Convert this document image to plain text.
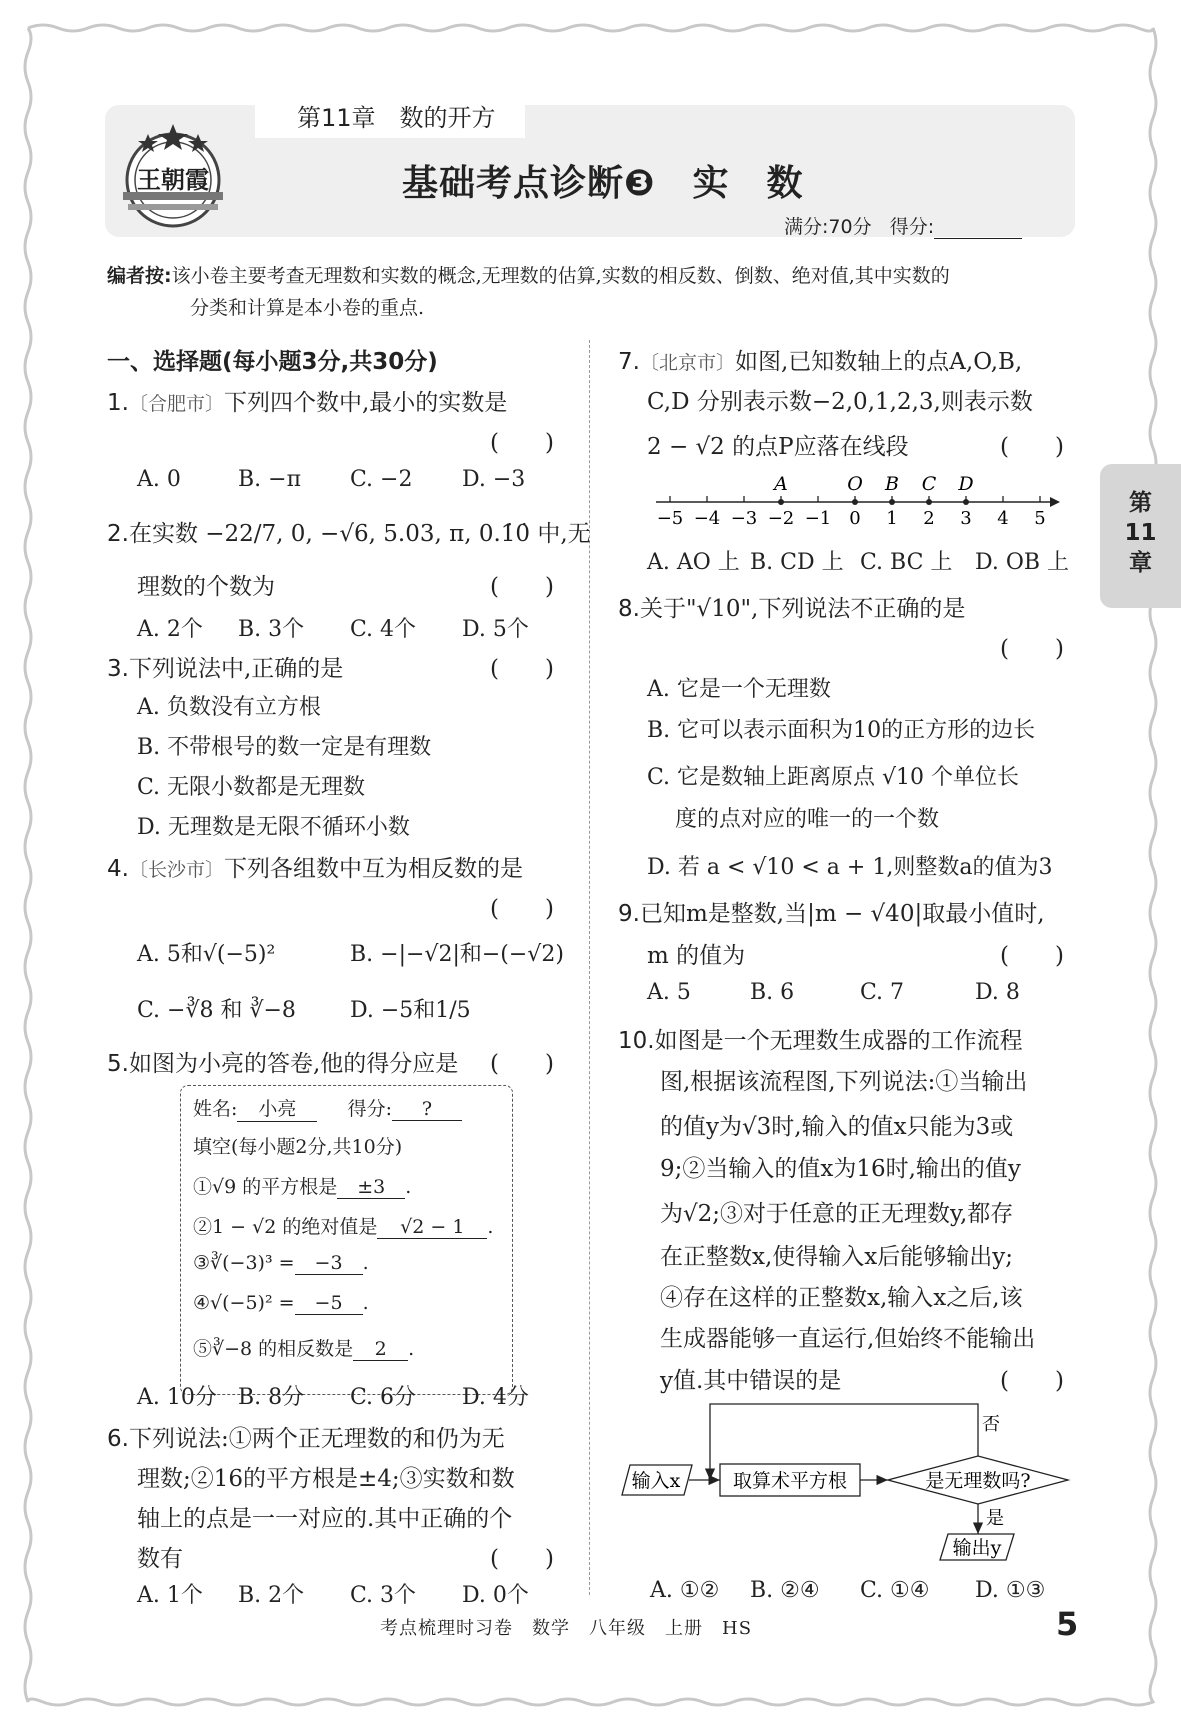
第11章　数的开方
王朝霞	基础考点诊断❸　实　数
满分:70分 得分:
编者按:该小卷主要考查无理数和实数的概念,无理数的估算,实数的相反数、倒数、绝对值,其中实数的
分类和计算是本小卷的重点.
第
11
章
一、选择题(每小题3分,共30分)
1.〔合肥市〕下列四个数中,最小的实数是
(　　)
A. 0	B. −π C. −2 D. −3
2.在实数 −22/7, 0, −√6, 5.03, π, 0.1̇0̇ 中,无
理数的个数为	(　　)
A. 2个 B. 3个 C. 4个 D. 5个
3.下列说法中,正确的是	(　　)
A. 负数没有立方根
B. 不带根号的数一定是有理数
C. 无限小数都是无理数
D. 无理数是无限不循环小数
4.〔长沙市〕下列各组数中互为相反数的是
(　　)
A. 5和√(−5)²	B. −|−√2|和−(−√2)
C. −∛8 和 ∛−8 D. −5和1/5
5.如图为小亮的答卷,他的得分应是 (　　)
姓名: 小亮	得分: ?
填空(每小题2分,共10分)
①√9 的平方根是 ±3 .
②1 − √2 的绝对值是 √2 − 1 .
③∛(−3)³ = −3 .
④√(−5)² = −5 .
⑤∛−8 的相反数是 2 .
A. 10分 B. 8分 C. 6分 D. 4分
6.下列说法:①两个正无理数的和仍为无
理数;②16的平方根是±4;③实数和数
轴上的点是一一对应的.其中正确的个
数有	(　　)
A. 1个 B. 2个 C. 3个 D. 0个
7.〔北京市〕如图,已知数轴上的点A,O,B,
C,D 分别表示数−2,0,1,2,3,则表示数
2 − √2 的点P应落在线段	(　　)
−5 −4 −3 −2 −1 0 1 2 3 4 5
A	O B C D
A. AO 上 B. CD 上 C. BC 上 D. OB 上
8.关于"√10",下列说法不正确的是
(　　)
A. 它是一个无理数
B. 它可以表示面积为10的正方形的边长
C. 它是数轴上距离原点 √10 个单位长
度的点对应的唯一的一个数
D. 若 a < √10 < a + 1,则整数a的值为3
9.已知m是整数,当|m − √40|取最小值时,
m 的值为	(　　)
A. 5	B. 6	C. 7	D. 8
10.如图是一个无理数生成器的工作流程
图,根据该流程图,下列说法:①当输出
的值y为√3时,输入的值x只能为3或
9;②当输入的值x为16时,输出的值y
为√2;③对于任意的正无理数y,都存
在正整数x,使得输入x后能够输出y;
④存在这样的正整数x,输入x之后,该
生成器能够一直运行,但始终不能输出
y值.其中错误的是	(　　)
输入x	取算术平方根	是无理数吗?
否
是
输出y
A. ①② B. ②④ C. ①④ D. ①③
考点梳理时习卷　数学　八年级　上册　HS	5
